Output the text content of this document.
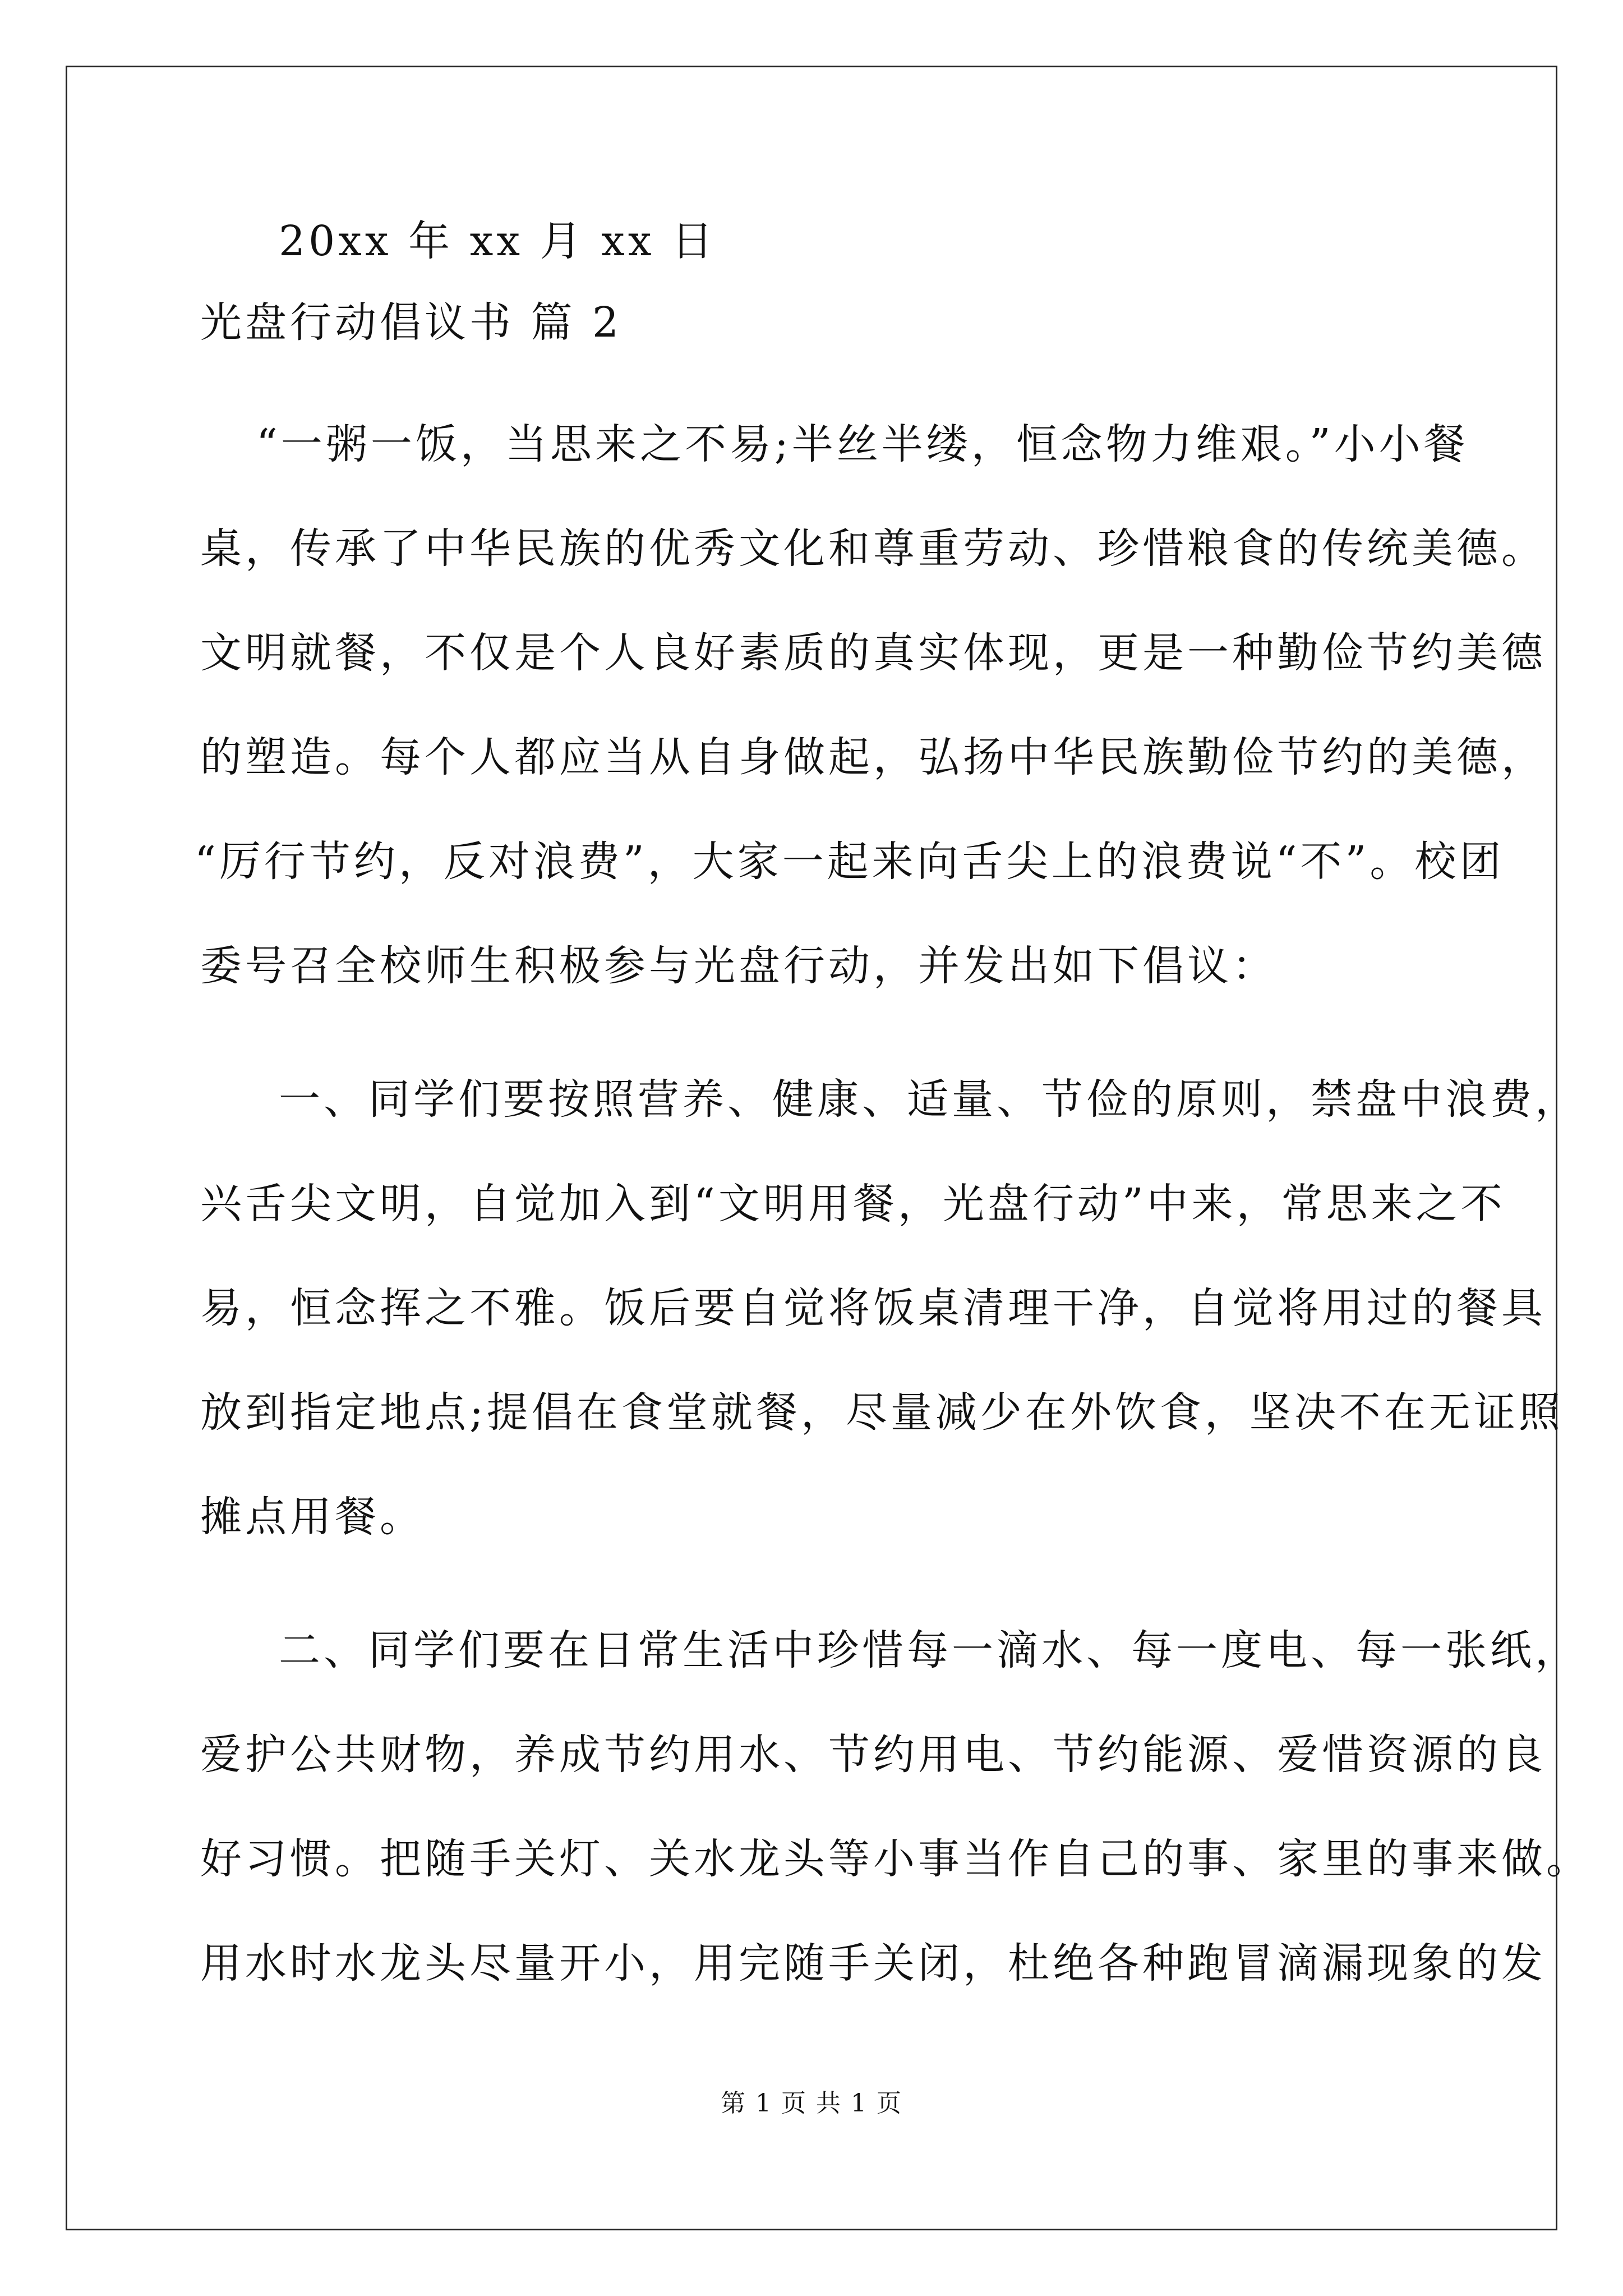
20xx 年 xx 月 xx 日
光盘行动倡议书 篇 2
“一粥一饭，当思来之不易;半丝半缕，恒念物力维艰。”小小餐
桌，传承了中华民族的优秀文化和尊重劳动、珍惜粮食的传统美德。
文明就餐，不仅是个人良好素质的真实体现，更是一种勤俭节约美德
的塑造。每个人都应当从自身做起，弘扬中华民族勤俭节约的美德，
“厉行节约，反对浪费”，大家一起来向舌尖上的浪费说“不”。校团
委号召全校师生积极参与光盘行动，并发出如下倡议：
一、同学们要按照营养、健康、适量、节俭的原则，禁盘中浪费，
兴舌尖文明，自觉加入到“文明用餐，光盘行动”中来，常思来之不
易，恒念挥之不雅。饭后要自觉将饭桌清理干净，自觉将用过的餐具
放到指定地点;提倡在食堂就餐，尽量减少在外饮食，坚决不在无证照
摊点用餐。
二、同学们要在日常生活中珍惜每一滴水、每一度电、每一张纸，
爱护公共财物，养成节约用水、节约用电、节约能源、爱惜资源的良
好习惯。把随手关灯、关水龙头等小事当作自己的事、家里的事来做。
用水时水龙头尽量开小，用完随手关闭，杜绝各种跑冒滴漏现象的发
第 1 页 共 1 页
